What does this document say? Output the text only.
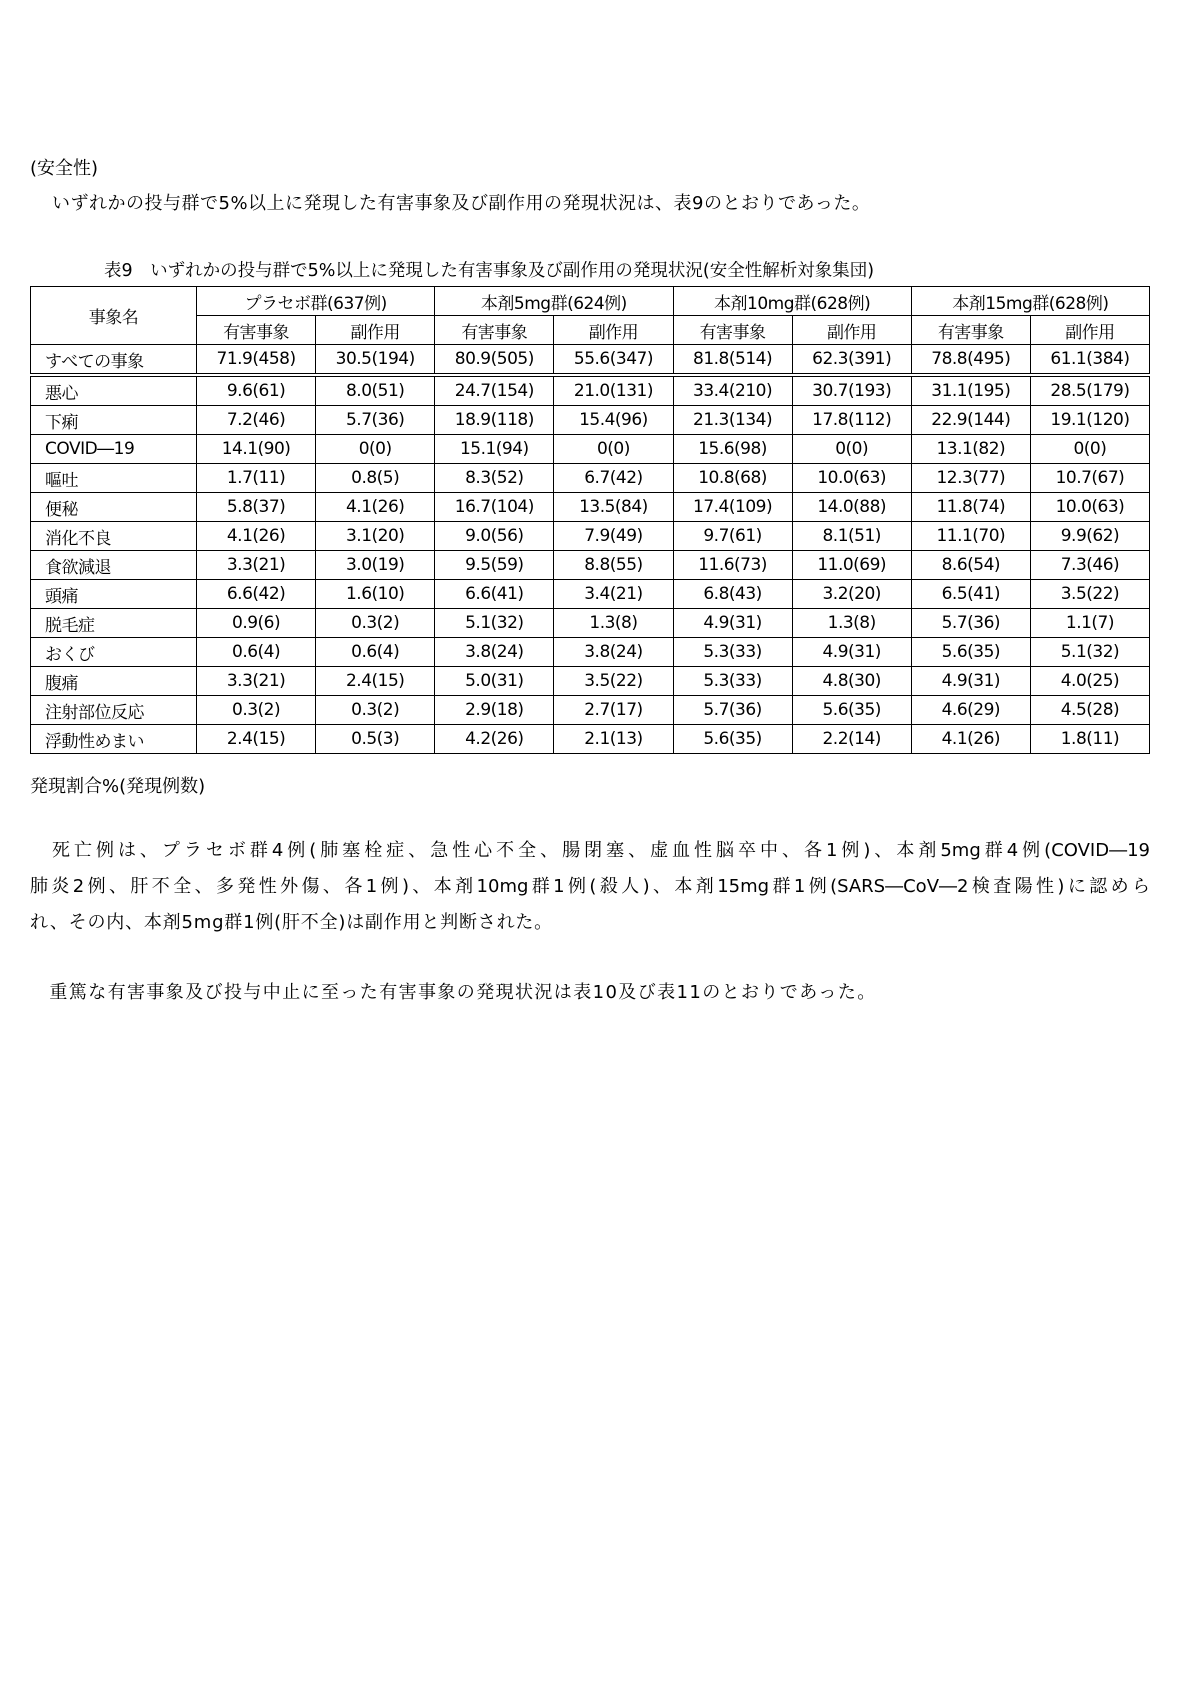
(安全性)
いずれかの投与群で5%以上に発現した有害事象及び副作用の発現状況は、表9のとおりであった。
表9　いずれかの投与群で5%以上に発現した有害事象及び副作用の発現状況(安全性解析対象集団)
事象名	プラセボ群(637例)		本剤5mg群(624例)		本剤10mg群(628例)		本剤15mg群(628例)	
	有害事象	副作用	有害事象	副作用	有害事象	副作用	有害事象	副作用
すべての事象	71.9(458)	30.5(194)	80.9(505)	55.6(347)	81.8(514)	62.3(391)	78.8(495)	61.1(384)
悪心	9.6(61)	8.0(51)	24.7(154)	21.0(131)	33.4(210)	30.7(193)	31.1(195)	28.5(179)
下痢	7.2(46)	5.7(36)	18.9(118)	15.4(96)	21.3(134)	17.8(112)	22.9(144)	19.1(120)
COVID―19	14.1(90)	0(0)	15.1(94)	0(0)	15.6(98)	0(0)	13.1(82)	0(0)
嘔吐	1.7(11)	0.8(5)	8.3(52)	6.7(42)	10.8(68)	10.0(63)	12.3(77)	10.7(67)
便秘	5.8(37)	4.1(26)	16.7(104)	13.5(84)	17.4(109)	14.0(88)	11.8(74)	10.0(63)
消化不良	4.1(26)	3.1(20)	9.0(56)	7.9(49)	9.7(61)	8.1(51)	11.1(70)	9.9(62)
食欲減退	3.3(21)	3.0(19)	9.5(59)	8.8(55)	11.6(73)	11.0(69)	8.6(54)	7.3(46)
頭痛	6.6(42)	1.6(10)	6.6(41)	3.4(21)	6.8(43)	3.2(20)	6.5(41)	3.5(22)
脱毛症	0.9(6)	0.3(2)	5.1(32)	1.3(8)	4.9(31)	1.3(8)	5.7(36)	1.1(7)
おくび	0.6(4)	0.6(4)	3.8(24)	3.8(24)	5.3(33)	4.9(31)	5.6(35)	5.1(32)
腹痛	3.3(21)	2.4(15)	5.0(31)	3.5(22)	5.3(33)	4.8(30)	4.9(31)	4.0(25)
注射部位反応	0.3(2)	0.3(2)	2.9(18)	2.7(17)	5.7(36)	5.6(35)	4.6(29)	4.5(28)
浮動性めまい	2.4(15)	0.5(3)	4.2(26)	2.1(13)	5.6(35)	2.2(14)	4.1(26)	1.8(11)
発現割合%(発現例数)
　死亡例は、プラセボ群4例(肺塞栓症、急性心不全、腸閉塞、虚血性脳卒中、各1例)、本剤5mg群4例(COVID―19
肺炎2例、肝不全、多発性外傷、各1例)、本剤10mg群1例(殺人)、本剤15mg群1例(SARS―CoV―2検査陽性)に認めら
れ、その内、本剤5mg群1例(肝不全)は副作用と判断された。
　重篤な有害事象及び投与中止に至った有害事象の発現状況は表10及び表11のとおりであった。
